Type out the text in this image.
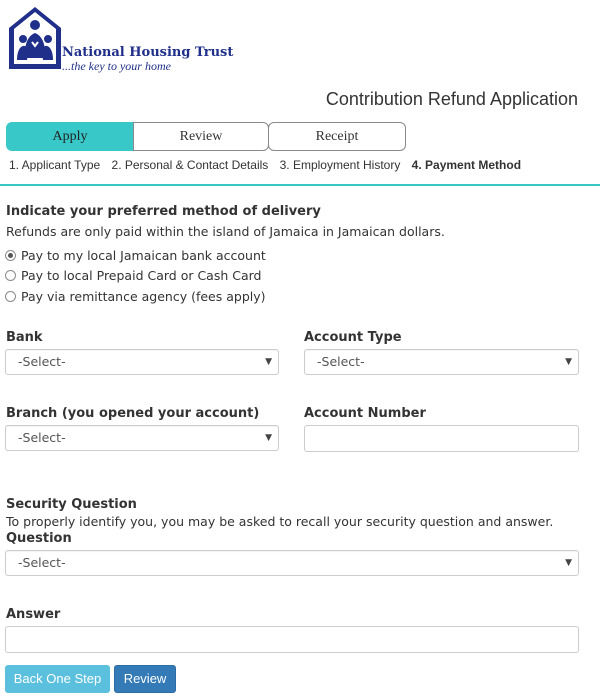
National Housing Trust
...the key to your home
Contribution Refund Application
Apply	Review	Receipt
1. Applicant Type 2. Personal & Contact Details 3. Employment History 4. Payment Method
Indicate your preferred method of delivery
Refunds are only paid within the island of Jamaica in Jamaican dollars.
Pay to my local Jamaican bank account
Pay to local Prepaid Card or Cash Card
Pay via remittance agency (fees apply)
Bank
-Select-	▼
Account Type
-Select-	▼
Branch (you opened your account)
-Select-	▼
Account Number
Security Question
To properly identify you, you may be asked to recall your security question and answer.
Question
-Select-	▼
Answer
Back One Step	Review
